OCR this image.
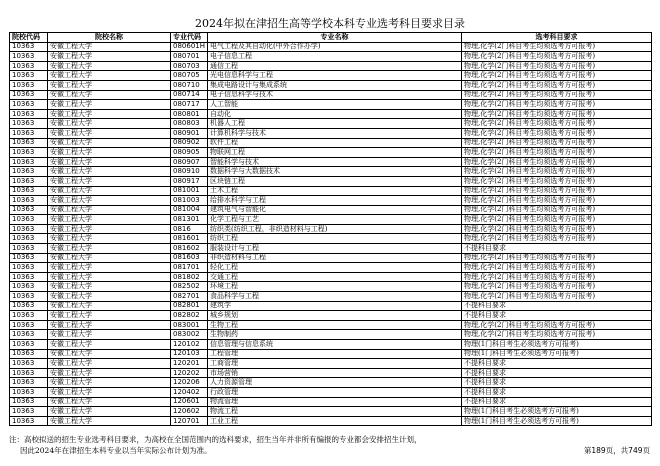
2024年拟在津招生高等学校本科专业选考科目要求目录
院校代码	院校名称	专业代码	专业名称	选考科目要求
10363	安徽工程大学	080601H	电气工程及其自动化(中外合作办学)	物理,化学(2门科目考生均须选考方可报考)
10363	安徽工程大学	080701	电子信息工程	物理,化学(2门科目考生均须选考方可报考)
10363	安徽工程大学	080703	通信工程	物理,化学(2门科目考生均须选考方可报考)
10363	安徽工程大学	080705	光电信息科学与工程	物理,化学(2门科目考生均须选考方可报考)
10363	安徽工程大学	080710	集成电路设计与集成系统	物理,化学(2门科目考生均须选考方可报考)
10363	安徽工程大学	080714	电子信息科学与技术	物理,化学(2门科目考生均须选考方可报考)
10363	安徽工程大学	080717	人工智能	物理,化学(2门科目考生均须选考方可报考)
10363	安徽工程大学	080801	自动化	物理,化学(2门科目考生均须选考方可报考)
10363	安徽工程大学	080803	机器人工程	物理,化学(2门科目考生均须选考方可报考)
10363	安徽工程大学	080901	计算机科学与技术	物理,化学(2门科目考生均须选考方可报考)
10363	安徽工程大学	080902	软件工程	物理,化学(2门科目考生均须选考方可报考)
10363	安徽工程大学	080905	物联网工程	物理,化学(2门科目考生均须选考方可报考)
10363	安徽工程大学	080907	智能科学与技术	物理,化学(2门科目考生均须选考方可报考)
10363	安徽工程大学	080910	数据科学与大数据技术	物理,化学(2门科目考生均须选考方可报考)
10363	安徽工程大学	080917	区块链工程	物理,化学(2门科目考生均须选考方可报考)
10363	安徽工程大学	081001	土木工程	物理,化学(2门科目考生均须选考方可报考)
10363	安徽工程大学	081003	给排水科学与工程	物理,化学(2门科目考生均须选考方可报考)
10363	安徽工程大学	081004	建筑电气与智能化	物理,化学(2门科目考生均须选考方可报考)
10363	安徽工程大学	081301	化学工程与工艺	物理,化学(2门科目考生均须选考方可报考)
10363	安徽工程大学	0816	纺织类(纺织工程，非织造材料与工程)	物理,化学(2门科目考生均须选考方可报考)
10363	安徽工程大学	081601	纺织工程	物理,化学(2门科目考生均须选考方可报考)
10363	安徽工程大学	081602	服装设计与工程	不提科目要求
10363	安徽工程大学	081603	非织造材料与工程	物理,化学(2门科目考生均须选考方可报考)
10363	安徽工程大学	081701	轻化工程	物理,化学(2门科目考生均须选考方可报考)
10363	安徽工程大学	081802	交通工程	物理,化学(2门科目考生均须选考方可报考)
10363	安徽工程大学	082502	环境工程	物理,化学(2门科目考生均须选考方可报考)
10363	安徽工程大学	082701	食品科学与工程	物理,化学(2门科目考生均须选考方可报考)
10363	安徽工程大学	082801	建筑学	不提科目要求
10363	安徽工程大学	082802	城乡规划	不提科目要求
10363	安徽工程大学	083001	生物工程	物理,化学(2门科目考生均须选考方可报考)
10363	安徽工程大学	083002	生物制药	物理,化学(2门科目考生均须选考方可报考)
10363	安徽工程大学	120102	信息管理与信息系统	物理(1门科目考生必须选考方可报考)
10363	安徽工程大学	120103	工程管理	物理(1门科目考生必须选考方可报考)
10363	安徽工程大学	120201	工商管理	不提科目要求
10363	安徽工程大学	120202	市场营销	不提科目要求
10363	安徽工程大学	120206	人力资源管理	不提科目要求
10363	安徽工程大学	120402	行政管理	不提科目要求
10363	安徽工程大学	120601	物流管理	不提科目要求
10363	安徽工程大学	120602	物流工程	物理(1门科目考生必须选考方可报考)
10363	安徽工程大学	120701	工业工程	物理(1门科目考生必须选考方可报考)
注：高校拟送的招生专业选考科目要求，为高校在全国范围内的选科要求，招生当年并非所有编报的专业都会安排招生计划，
因此2024年在津招生本科专业以当年实际公布计划为准。	第189页，共749页
